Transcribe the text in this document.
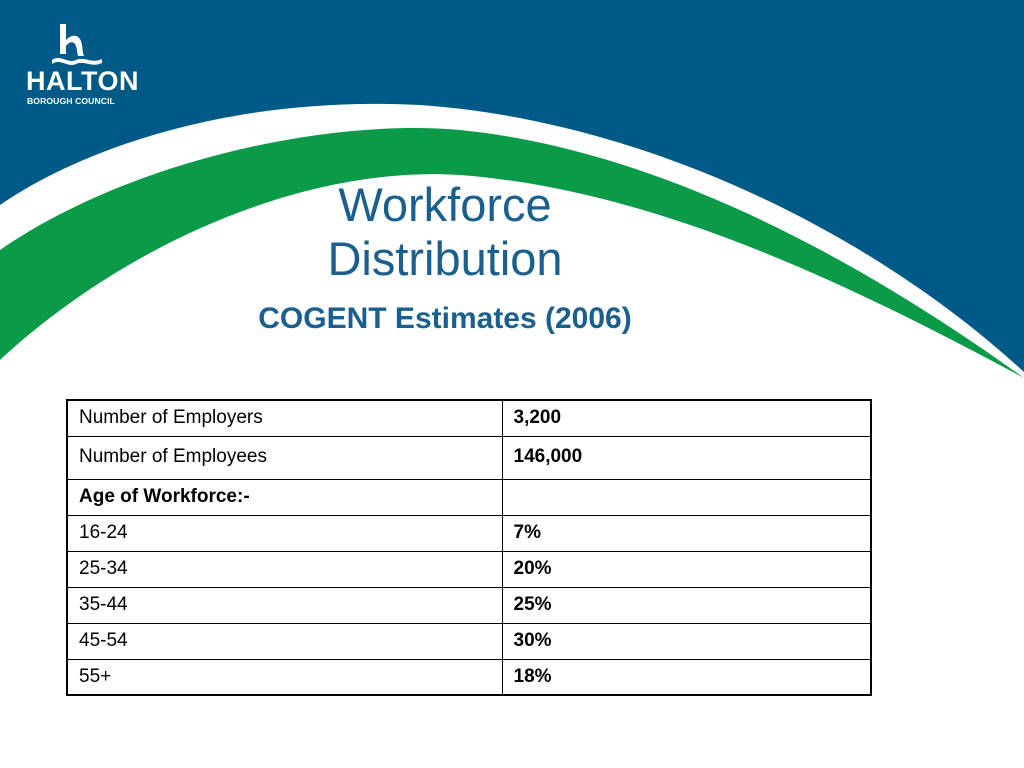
HALTON
BOROUGH COUNCIL
Workforce
Distribution
COGENT Estimates (2006)
Number of Employers	3,200
Number of Employees	146,000
Age of Workforce:-	
16-24	7%
25-34	20%
35-44	25%
45-54	30%
55+	18%
